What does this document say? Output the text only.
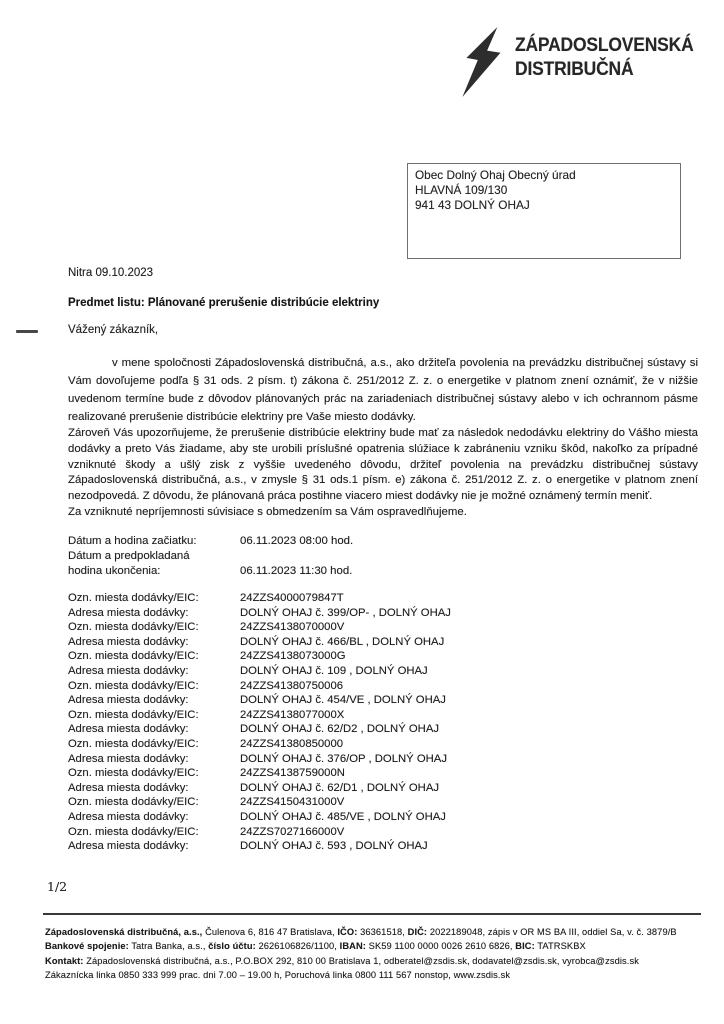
ZÁPADOSLOVENSKÁ
DISTRIBUČNÁ
Obec Dolný Ohaj Obecný úrad
HLAVNÁ 109/130
941 43 DOLNÝ OHAJ
Nitra 09.10.2023
Predmet listu: Plánované prerušenie distribúcie elektriny
Vážený zákazník,
v mene spoločnosti Západoslovenská distribučná, a.s., ako držiteľa povolenia na prevádzku distribučnej sústavy si Vám dovoľujeme podľa § 31 ods. 2 písm. t) zákona č. 251/2012 Z. z. o energetike v platnom znení oznámiť, že v nižšie uvedenom termíne bude z dôvodov plánovaných prác na zariadeniach distribučnej sústavy alebo v ich ochrannom pásme realizované prerušenie distribúcie elektriny pre Vaše miesto dodávky.

Zároveň Vás upozorňujeme, že prerušenie distribúcie elektriny bude mať za následok nedodávku elektriny do Vášho miesta dodávky a preto Vás žiadame, aby ste urobili príslušné opatrenia slúžiace k zabráneniu vzniku škôd, nakoľko za prípadné vzniknuté škody a ušlý zisk z vyššie uvedeného dôvodu, držiteľ povolenia na prevádzku distribučnej sústavy Západoslovenská distribučná, a.s., v zmysle § 31 ods.1 písm. e) zákona č. 251/2012 Z. z. o energetike v platnom znení nezodpovedá. Z dôvodu, že plánovaná práca postihne viacero miest dodávky nie je možné oznámený termín meniť.

Za vzniknuté nepríjemnosti súvisiace s obmedzením sa Vám ospravedlňujeme.

Dátum a hodina začiatku:	06.11.2023 08:00 hod.
Dátum a predpokladaná
hodina ukončenia:	06.11.2023 11:30 hod.
Ozn. miesta dodávky/EIC:	24ZZS4000079847T
Adresa miesta dodávky:	DOLNÝ OHAJ č. 399/OP- , DOLNÝ OHAJ
Ozn. miesta dodávky/EIC:	24ZZS4138070000V
Adresa miesta dodávky:	DOLNÝ OHAJ č. 466/BL , DOLNÝ OHAJ
Ozn. miesta dodávky/EIC:	24ZZS4138073000G
Adresa miesta dodávky:	DOLNÝ OHAJ č. 109 , DOLNÝ OHAJ
Ozn. miesta dodávky/EIC:	24ZZS41380750006
Adresa miesta dodávky:	DOLNÝ OHAJ č. 454/VE , DOLNÝ OHAJ
Ozn. miesta dodávky/EIC:	24ZZS4138077000X
Adresa miesta dodávky:	DOLNÝ OHAJ č. 62/D2 , DOLNÝ OHAJ
Ozn. miesta dodávky/EIC:	24ZZS41380850000
Adresa miesta dodávky:	DOLNÝ OHAJ č. 376/OP , DOLNÝ OHAJ
Ozn. miesta dodávky/EIC:	24ZZS4138759000N
Adresa miesta dodávky:	DOLNÝ OHAJ č. 62/D1 , DOLNÝ OHAJ
Ozn. miesta dodávky/EIC:	24ZZS4150431000V
Adresa miesta dodávky:	DOLNÝ OHAJ č. 485/VE , DOLNÝ OHAJ
Ozn. miesta dodávky/EIC:	24ZZS7027166000V
Adresa miesta dodávky:	DOLNÝ OHAJ č. 593 , DOLNÝ OHAJ
1/2
Západoslovenská distribučná, a.s., Čulenova 6, 816 47 Bratislava, IČO: 36361518, DIČ: 2022189048, zápis v OR MS BA III, oddiel Sa, v. č. 3879/B
Bankové spojenie: Tatra Banka, a.s., číslo účtu: 2626106826/1100, IBAN: SK59 1100 0000 0026 2610 6826, BIC: TATRSKBX
Kontakt: Západoslovenská distribučná, a.s., P.O.BOX 292, 810 00 Bratislava 1, odberatel@zsdis.sk, dodavatel@zsdis.sk, vyrobca@zsdis.sk
Zákaznícka linka 0850 333 999 prac. dni 7.00 – 19.00 h, Poruchová linka 0800 111 567 nonstop, www.zsdis.sk
